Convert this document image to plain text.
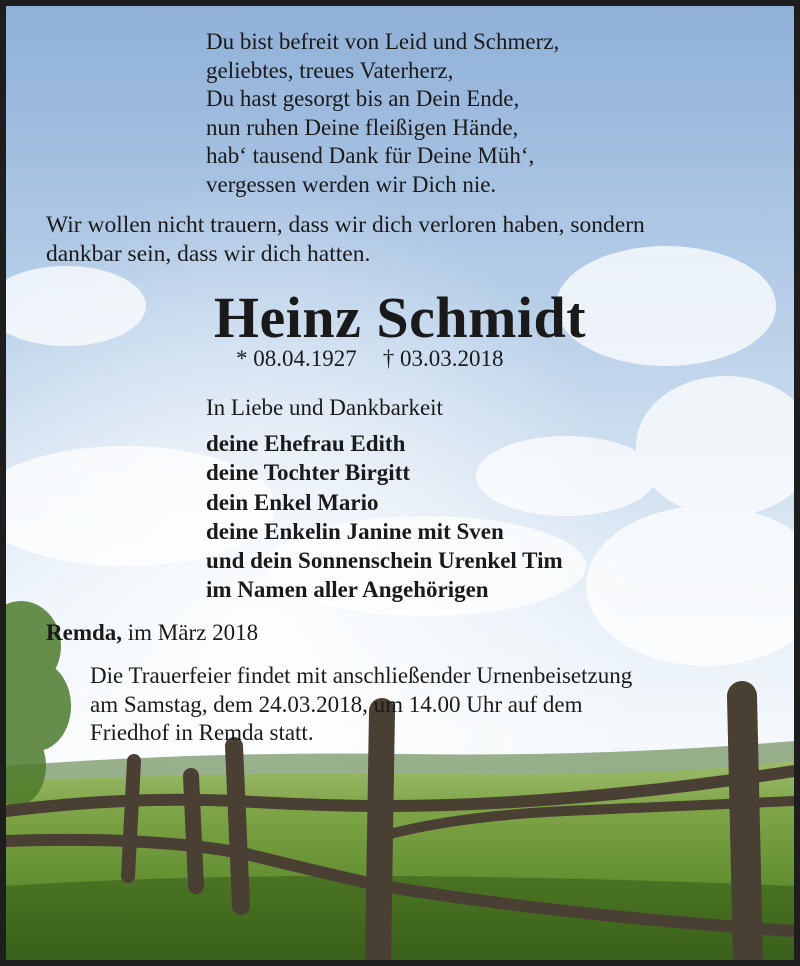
Du bist befreit von Leid und Schmerz,
geliebtes, treues Vaterherz,
Du hast gesorgt bis an Dein Ende,
nun ruhen Deine fleißigen Hände,
hab‘ tausend Dank für Deine Müh‘,
vergessen werden wir Dich nie.
Wir wollen nicht trauern, dass wir dich verloren haben, sondern
dankbar sein, dass wir dich hatten.
Heinz Schmidt
* 08.04.1927 † 03.03.2018
In Liebe und Dankbarkeit
deine Ehefrau Edith
deine Tochter Birgitt
dein Enkel Mario
deine Enkelin Janine mit Sven
und dein Sonnenschein Urenkel Tim
im Namen aller Angehörigen
Remda, im März 2018
Die Trauerfeier findet mit anschließender Urnenbeisetzung
am Samstag, dem 24.03.2018, um 14.00 Uhr auf dem
Friedhof in Remda statt.
